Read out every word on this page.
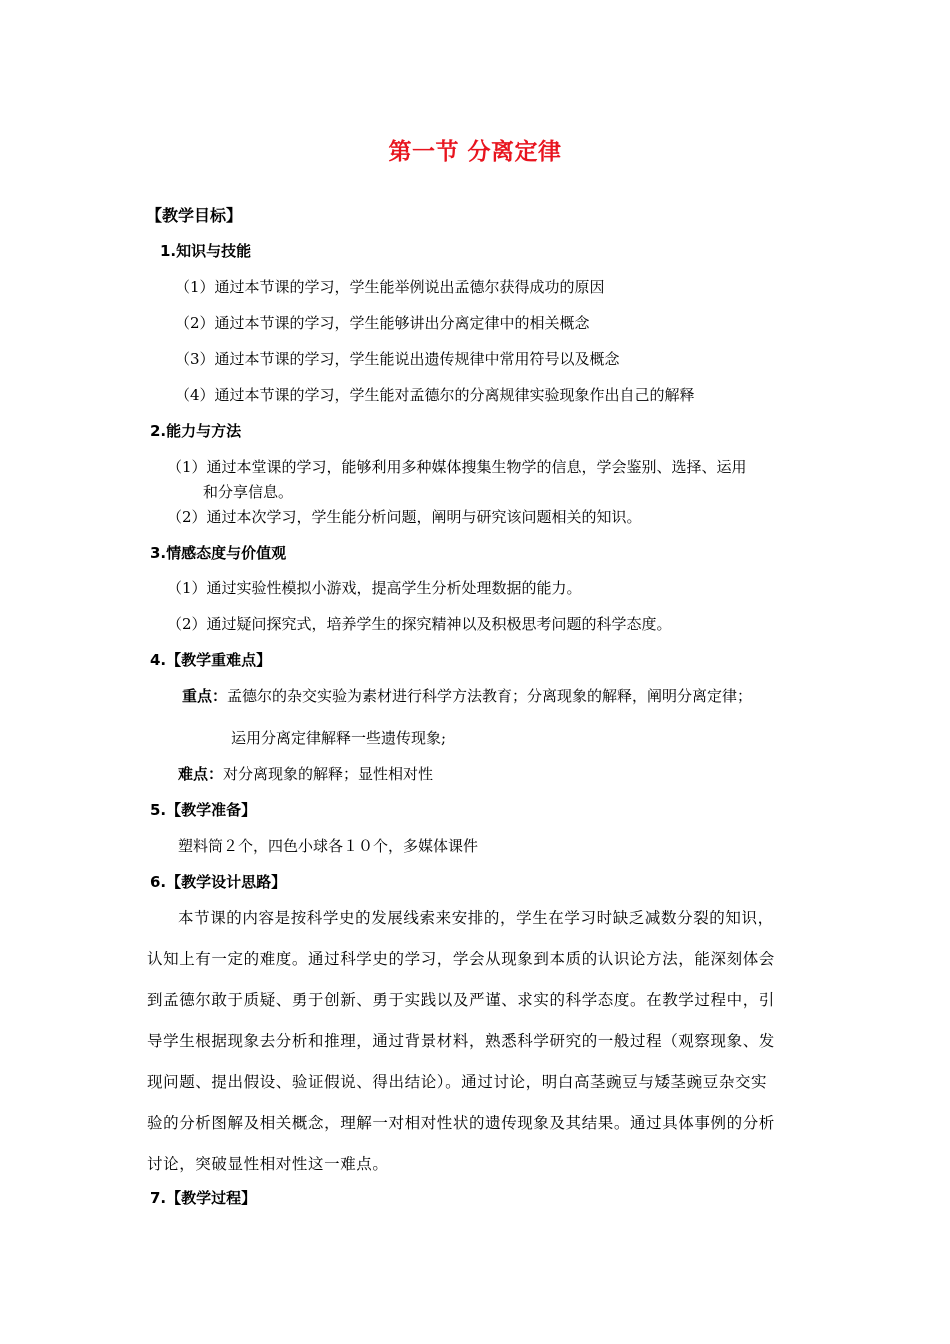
第一节 分离定律
【教学目标】
1.知识与技能
（1）通过本节课的学习，学生能举例说出孟德尔获得成功的原因
（2）通过本节课的学习，学生能够讲出分离定律中的相关概念
（3）通过本节课的学习，学生能说出遗传规律中常用符号以及概念
（4）通过本节课的学习，学生能对孟德尔的分离规律实验现象作出自己的解释
2.能力与方法
（1）通过本堂课的学习，能够利用多种媒体搜集生物学的信息，学会鉴别、选择、运用
和分享信息。
（2）通过本次学习，学生能分析问题，阐明与研究该问题相关的知识。
3.情感态度与价值观
（1）通过实验性模拟小游戏，提高学生分析处理数据的能力。
（2）通过疑问探究式，培养学生的探究精神以及积极思考问题的科学态度。
4.【教学重难点】
重点：孟德尔的杂交实验为素材进行科学方法教育；分离现象的解释，阐明分离定律；
运用分离定律解释一些遗传现象;
难点：对分离现象的解释；显性相对性
5.【教学准备】
塑料筒２个，四色小球各１０个，多媒体课件
6.【教学设计思路】
本节课的内容是按科学史的发展线索来安排的，学生在学习时缺乏减数分裂的知识，
认知上有一定的难度。通过科学史的学习，学会从现象到本质的认识论方法，能深刻体会
到孟德尔敢于质疑、勇于创新、勇于实践以及严谨、求实的科学态度。在教学过程中，引
导学生根据现象去分析和推理，通过背景材料，熟悉科学研究的一般过程（观察现象、发
现问题、提出假设、验证假说、得出结论）。通过讨论，明白高茎豌豆与矮茎豌豆杂交实
验的分析图解及相关概念，理解一对相对性状的遗传现象及其结果。通过具体事例的分析
讨论，突破显性相对性这一难点。
7.【教学过程】
